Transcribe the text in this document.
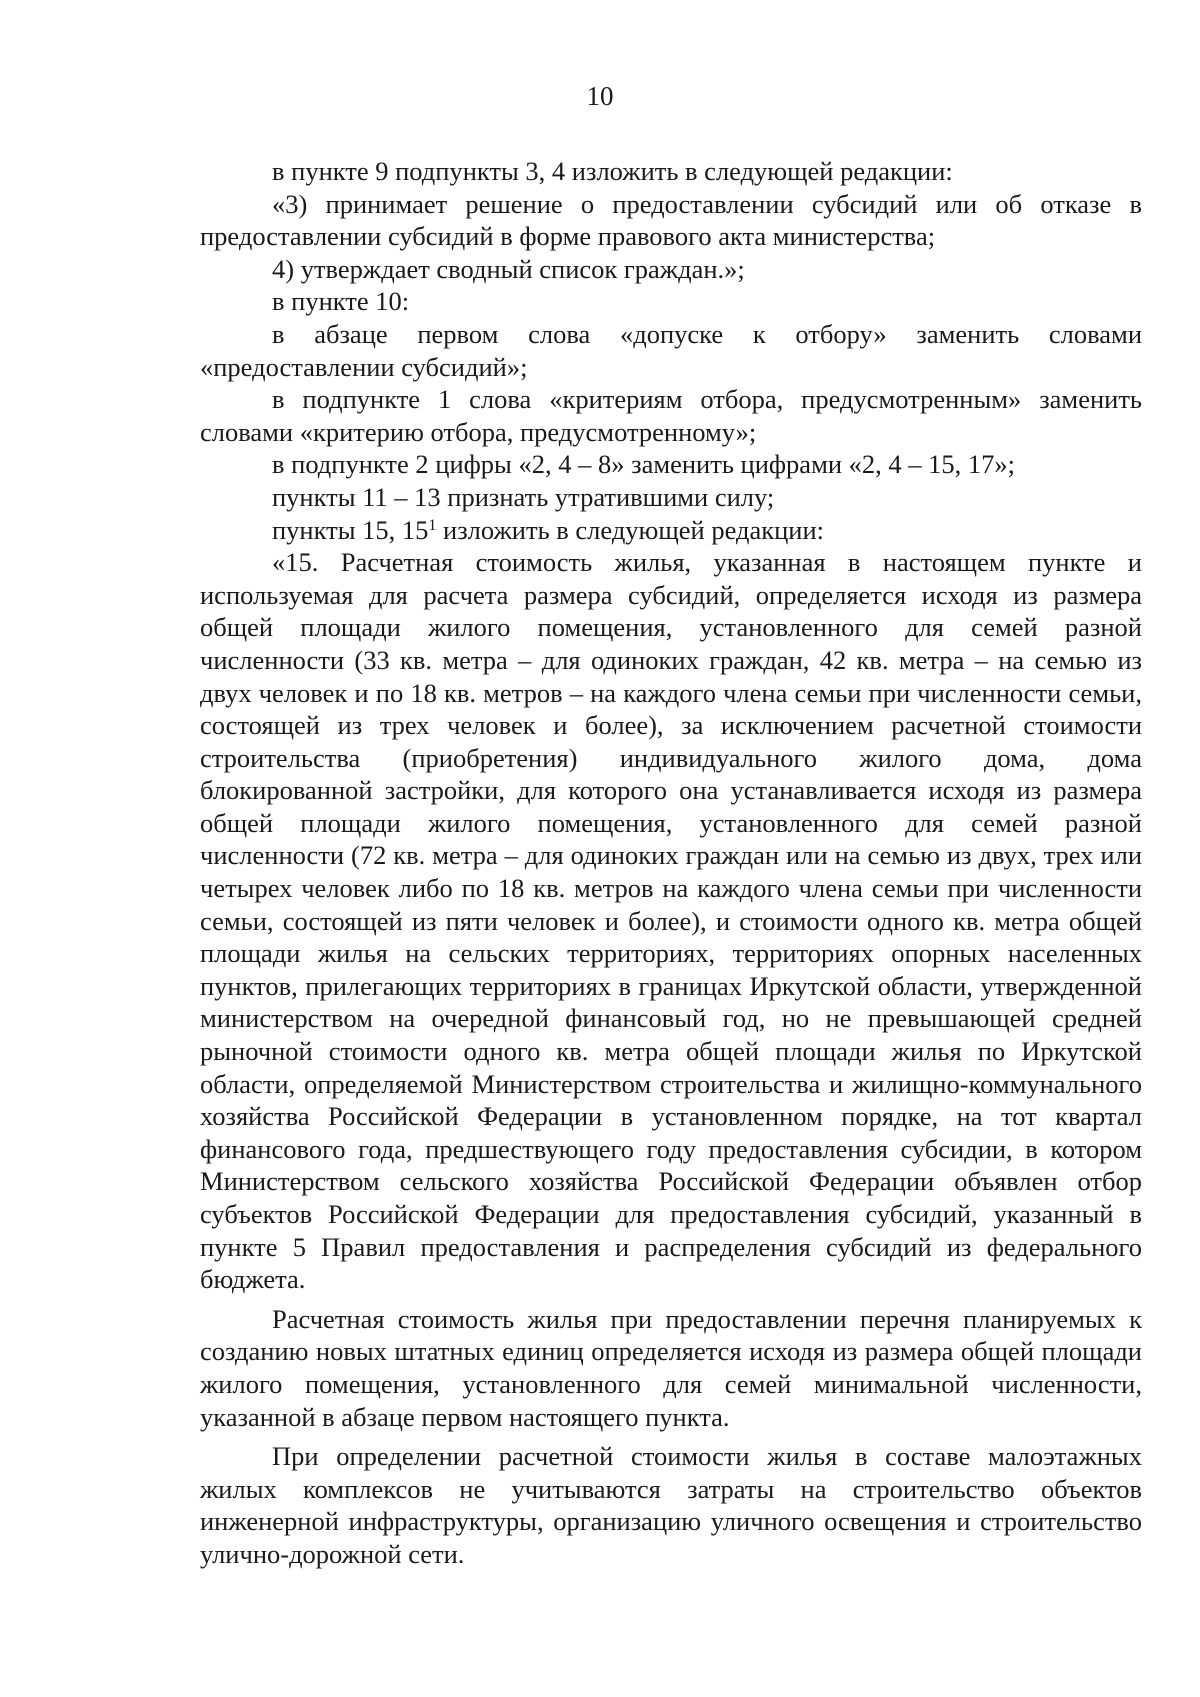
10

в пункте 9 подпункты 3, 4 изложить в следующей редакции:

«3) принимает решение о предоставлении субсидий или об отказе в предоставлении субсидий в форме правового акта министерства;

4) утверждает сводный список граждан.»;

в пункте 10:

в абзаце первом слова «допуске к отбору» заменить словами «предоставлении субсидий»;

в подпункте 1 слова «критериям отбора, предусмотренным» заменить словами «критерию отбора, предусмотренному»;

в подпункте 2 цифры «2, 4 – 8» заменить цифрами «2, 4 – 15, 17»;

пункты 11 – 13 признать утратившими силу;

пункты 15, $15^1$ изложить в следующей редакции:

«15. Расчетная стоимость жилья, указанная в настоящем пункте и используемая для расчета размера субсидий, определяется исходя из размера общей площади жилого помещения, установленного для семей разной численности (33 кв. метра – для одиноких граждан, 42 кв. метра – на семью из двух человек и по 18 кв. метров – на каждого члена семьи при численности семьи, состоящей из трех человек и более), за исключением расчетной стоимости строительства (приобретения) индивидуального жилого дома, дома блокированной застройки, для которого она устанавливается исходя из размера общей площади жилого помещения, установленного для семей разной численности (72 кв. метра – для одиноких граждан или на семью из двух, трех или четырех человек либо по 18 кв. метров на каждого члена семьи при численности семьи, состоящей из пяти человек и более), и стоимости одного кв. метра общей площади жилья на сельских территориях, территориях опорных населенных пунктов, прилегающих территориях в границах Иркутской области, утвержденной министерством на очередной финансовый год, но не превышающей средней рыночной стоимости одного кв. метра общей площади жилья по Иркутской области, определяемой Министерством строительства и жилищно-коммунального хозяйства Российской Федерации в установленном порядке, на тот квартал финансового года, предшествующего году предоставления субсидии, в котором Министерством сельского хозяйства Российской Федерации объявлен отбор субъектов Российской Федерации для предоставления субсидий, указанный в пункте 5 Правил предоставления и распределения субсидий из федерального бюджета.

Расчетная стоимость жилья при предоставлении перечня планируемых к созданию новых штатных единиц определяется исходя из размера общей площади жилого помещения, установленного для семей минимальной численности, указанной в абзаце первом настоящего пункта.

При определении расчетной стоимости жилья в составе малоэтажных жилых комплексов не учитываются затраты на строительство объектов инженерной инфраструктуры, организацию уличного освещения и строительство улично-дорожной сети.
